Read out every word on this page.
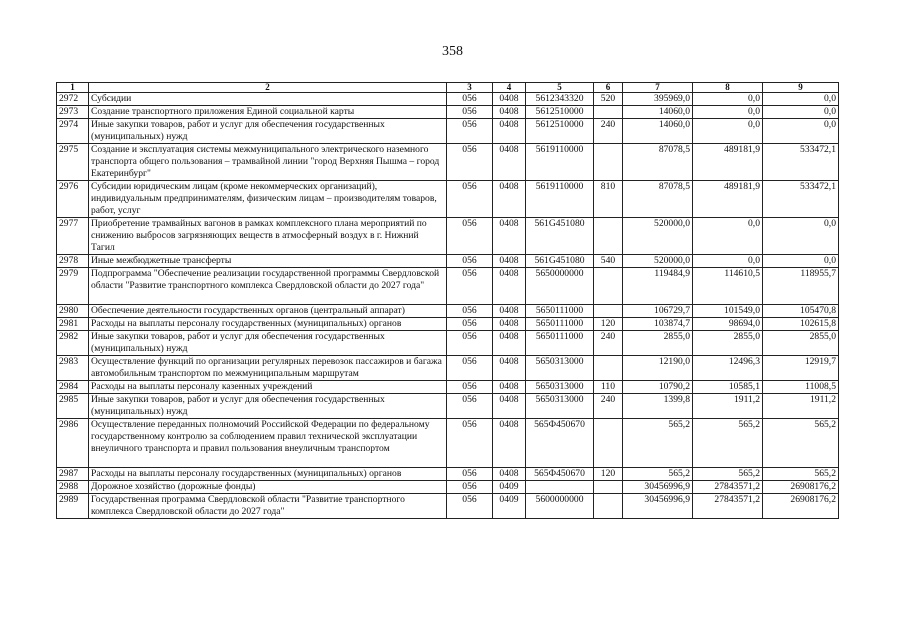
358
1	2	3	4	5	6	7	8	9
2972	Субсидии	056	0408	5612343320	520	395969,0	0,0	0,0
2973	Создание транспортного приложения Единой социальной карты	056	0408	5612510000		14060,0	0,0	0,0
2974	Иные закупки товаров, работ и услуг для обеспечения государственных (муниципальных) нужд	056	0408	5612510000	240	14060,0	0,0	0,0
2975	Создание и эксплуатация системы межмуниципального электрического наземного транспорта общего пользования – трамвайной линии "город Верхняя Пышма – город Екатеринбург"	056	0408	5619110000		87078,5	489181,9	533472,1
2976	Субсидии юридическим лицам (кроме некоммерческих организаций), индивидуальным предпринимателям, физическим лицам – производителям товаров, работ, услуг	056	0408	5619110000	810	87078,5	489181,9	533472,1
2977	Приобретение трамвайных вагонов в рамках комплексного плана мероприятий по снижению выбросов загрязняющих веществ в атмосферный воздух в г. Нижний Тагил	056	0408	561G451080		520000,0	0,0	0,0
2978	Иные межбюджетные трансферты	056	0408	561G451080	540	520000,0	0,0	0,0
2979	Подпрограмма "Обеспечение реализации государственной программы Свердловской области "Развитие транспортного комплекса Свердловской области до 2027 года"	056	0408	5650000000		119484,9	114610,5	118955,7
2980	Обеспечение деятельности государственных органов (центральный аппарат)	056	0408	5650111000		106729,7	101549,0	105470,8
2981	Расходы на выплаты персоналу государственных (муниципальных) органов	056	0408	5650111000	120	103874,7	98694,0	102615,8
2982	Иные закупки товаров, работ и услуг для обеспечения государственных (муниципальных) нужд	056	0408	5650111000	240	2855,0	2855,0	2855,0
2983	Осуществление функций по организации регулярных перевозок пассажиров и багажа автомобильным транспортом по межмуниципальным маршрутам	056	0408	5650313000		12190,0	12496,3	12919,7
2984	Расходы на выплаты персоналу казенных учреждений	056	0408	5650313000	110	10790,2	10585,1	11008,5
2985	Иные закупки товаров, работ и услуг для обеспечения государственных (муниципальных) нужд	056	0408	5650313000	240	1399,8	1911,2	1911,2
2986	Осуществление переданных полномочий Российской Федерации по федеральному государственному контролю за соблюдением правил технической эксплуатации внеуличного транспорта и правил пользования внеуличным транспортом	056	0408	565Ф450670		565,2	565,2	565,2
2987	Расходы на выплаты персоналу государственных (муниципальных) органов	056	0408	565Ф450670	120	565,2	565,2	565,2
2988	Дорожное хозяйство (дорожные фонды)	056	0409			30456996,9	27843571,2	26908176,2
2989	Государственная программа Свердловской области "Развитие транспортного комплекса Свердловской области до 2027 года"	056	0409	5600000000		30456996,9	27843571,2	26908176,2
